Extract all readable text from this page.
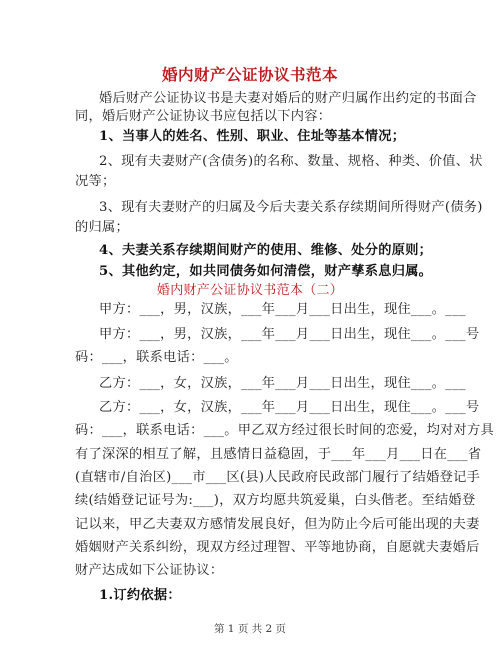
婚内财产公证协议书范本
婚后财产公证协议书是夫妻对婚后的财产归属作出约定的书面合
同，婚后财产公证协议书应包括以下内容：
1、当事人的姓名、性别、职业、住址等基本情况；
2、现有夫妻财产(含债务)的名称、数量、规格、种类、价值、状
况等；
3、现有夫妻财产的归属及今后夫妻关系存续期间所得财产(债务)
的归属；
4、夫妻关系存续期间财产的使用、维修、处分的原则；
5、其他约定，如共同债务如何清偿，财产孳系息归属。
婚内财产公证协议书范本（二）
甲方：___，男，汉族，___年___月___日出生，现住___。___
甲方：___，男，汉族，___年___月___日出生，现住___。___号
码：___，联系电话：___。
乙方：___，女，汉族，___年___月___日出生，现住___。___
乙方：___，女，汉族，___年___月___日出生，现住___。___号
码：___，联系电话：___。甲乙双方经过很长时间的恋爱，均对对方具
有了深深的相互了解，且感情日益稳固，于___年___月___日在___省
(直辖市/自治区)___市___区(县)人民政府民政部门履行了结婚登记手
续(结婚登记证号为:___)，双方均愿共筑爱巢，白头偕老。至结婚登
记以来，甲乙夫妻双方感情发展良好，但为防止今后可能出现的夫妻
婚姻财产关系纠纷，现双方经过理智、平等地协商，自愿就夫妻婚后
财产达成如下公证协议：
1.订约依据：
第 1 页 共 2 页
